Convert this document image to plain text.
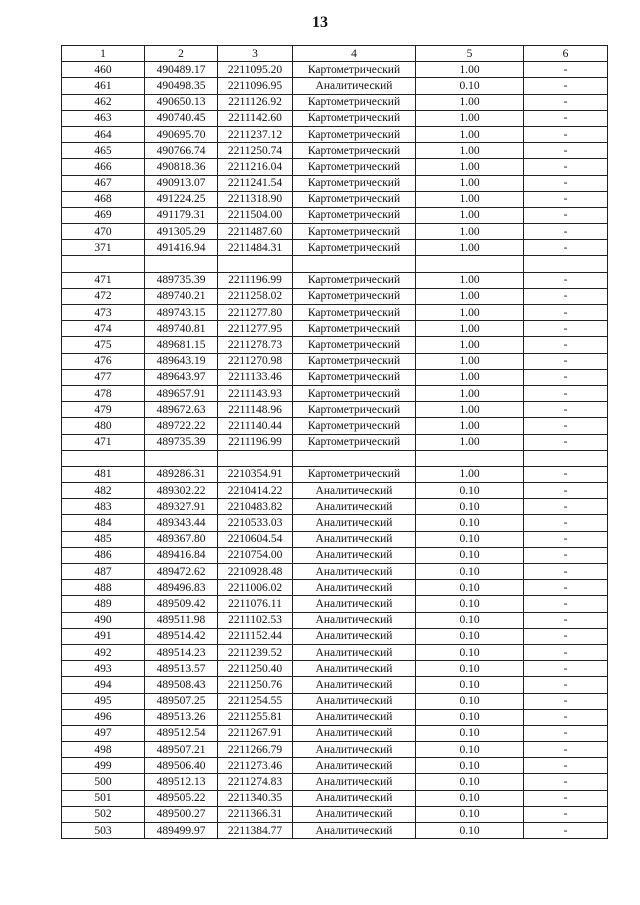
13
1	2	3	4	5	6
460	490489.17	2211095.20	Картометрический	1.00	-
461	490498.35	2211096.95	Аналитический	0.10	-
462	490650.13	2211126.92	Картометрический	1.00	-
463	490740.45	2211142.60	Картометрический	1.00	-
464	490695.70	2211237.12	Картометрический	1.00	-
465	490766.74	2211250.74	Картометрический	1.00	-
466	490818.36	2211216.04	Картометрический	1.00	-
467	490913.07	2211241.54	Картометрический	1.00	-
468	491224.25	2211318.90	Картометрический	1.00	-
469	491179.31	2211504.00	Картометрический	1.00	-
470	491305.29	2211487.60	Картометрический	1.00	-
371	491416.94	2211484.31	Картометрический	1.00	-

471	489735.39	2211196.99	Картометрический	1.00	-
472	489740.21	2211258.02	Картометрический	1.00	-
473	489743.15	2211277.80	Картометрический	1.00	-
474	489740.81	2211277.95	Картометрический	1.00	-
475	489681.15	2211278.73	Картометрический	1.00	-
476	489643.19	2211270.98	Картометрический	1.00	-
477	489643.97	2211133.46	Картометрический	1.00	-
478	489657.91	2211143.93	Картометрический	1.00	-
479	489672.63	2211148.96	Картометрический	1.00	-
480	489722.22	2211140.44	Картометрический	1.00	-
471	489735.39	2211196.99	Картометрический	1.00	-

481	489286.31	2210354.91	Картометрический	1.00	-
482	489302.22	2210414.22	Аналитический	0.10	-
483	489327.91	2210483.82	Аналитический	0.10	-
484	489343.44	2210533.03	Аналитический	0.10	-
485	489367.80	2210604.54	Аналитический	0.10	-
486	489416.84	2210754.00	Аналитический	0.10	-
487	489472.62	2210928.48	Аналитический	0.10	-
488	489496.83	2211006.02	Аналитический	0.10	-
489	489509.42	2211076.11	Аналитический	0.10	-
490	489511.98	2211102.53	Аналитический	0.10	-
491	489514.42	2211152.44	Аналитический	0.10	-
492	489514.23	2211239.52	Аналитический	0.10	-
493	489513.57	2211250.40	Аналитический	0.10	-
494	489508.43	2211250.76	Аналитический	0.10	-
495	489507.25	2211254.55	Аналитический	0.10	-
496	489513.26	2211255.81	Аналитический	0.10	-
497	489512.54	2211267.91	Аналитический	0.10	-
498	489507.21	2211266.79	Аналитический	0.10	-
499	489506.40	2211273.46	Аналитический	0.10	-
500	489512.13	2211274.83	Аналитический	0.10	-
501	489505.22	2211340.35	Аналитический	0.10	-
502	489500.27	2211366.31	Аналитический	0.10	-
503	489499.97	2211384.77	Аналитический	0.10	-
